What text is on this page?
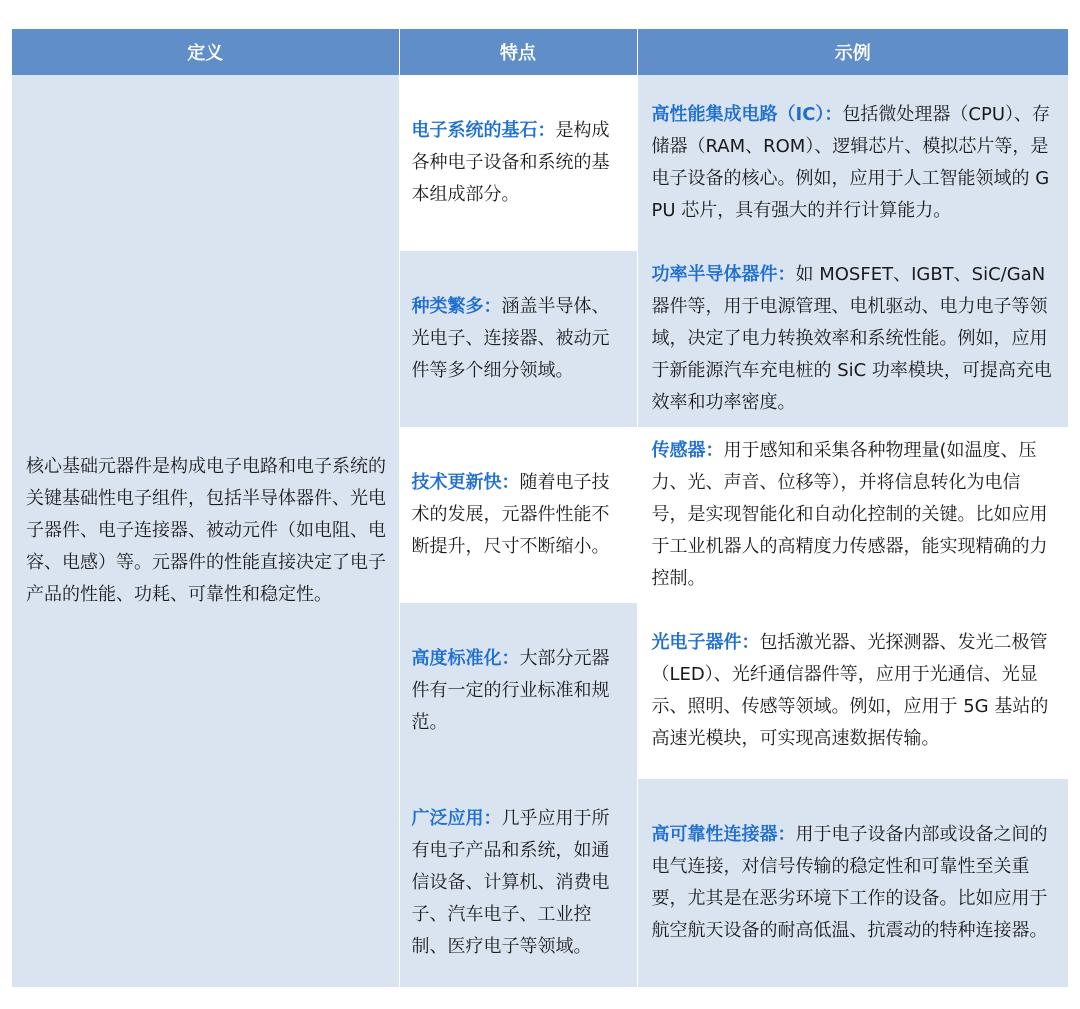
定义	特点	示例
核心基础元器件是构成电子电路和电子系统的关键基础性电子组件，包括半导体器件、光电子器件、电子连接器、被动元件（如电阻、电容、电感）等。元器件的性能直接决定了电子产品的性能、功耗、可靠性和稳定性。	电子系统的基石：是构成各种电子设备和系统的基本组成部分。	高性能集成电路（IC）：包括微处理器（CPU）、存储器（RAM、ROM）、逻辑芯片、模拟芯片等，是电子设备的核心。例如，应用于人工智能领域的 GPU 芯片，具有强大的并行计算能力。
	种类繁多：涵盖半导体、光电子、连接器、被动元件等多个细分领域。	功率半导体器件：如 MOSFET、IGBT、SiC/GaN 器件等，用于电源管理、电机驱动、电力电子等领域，决定了电力转换效率和系统性能。例如，应用于新能源汽车充电桩的 SiC 功率模块，可提高充电效率和功率密度。
	技术更新快：随着电子技术的发展，元器件性能不断提升，尺寸不断缩小。	传感器：用于感知和采集各种物理量(如温度、压力、光、声音、位移等），并将信息转化为电信号，是实现智能化和自动化控制的关键。比如应用于工业机器人的高精度力传感器，能实现精确的力控制。
	高度标准化：大部分元器件有一定的行业标准和规范。	光电子器件：包括激光器、光探测器、发光二极管（LED）、光纤通信器件等，应用于光通信、光显示、照明、传感等领域。例如，应用于 5G 基站的高速光模块，可实现高速数据传输。
	广泛应用：几乎应用于所有电子产品和系统，如通信设备、计算机、消费电子、汽车电子、工业控制、医疗电子等领域。	高可靠性连接器：用于电子设备内部或设备之间的电气连接，对信号传输的稳定性和可靠性至关重要，尤其是在恶劣环境下工作的设备。比如应用于航空航天设备的耐高低温、抗震动的特种连接器。
